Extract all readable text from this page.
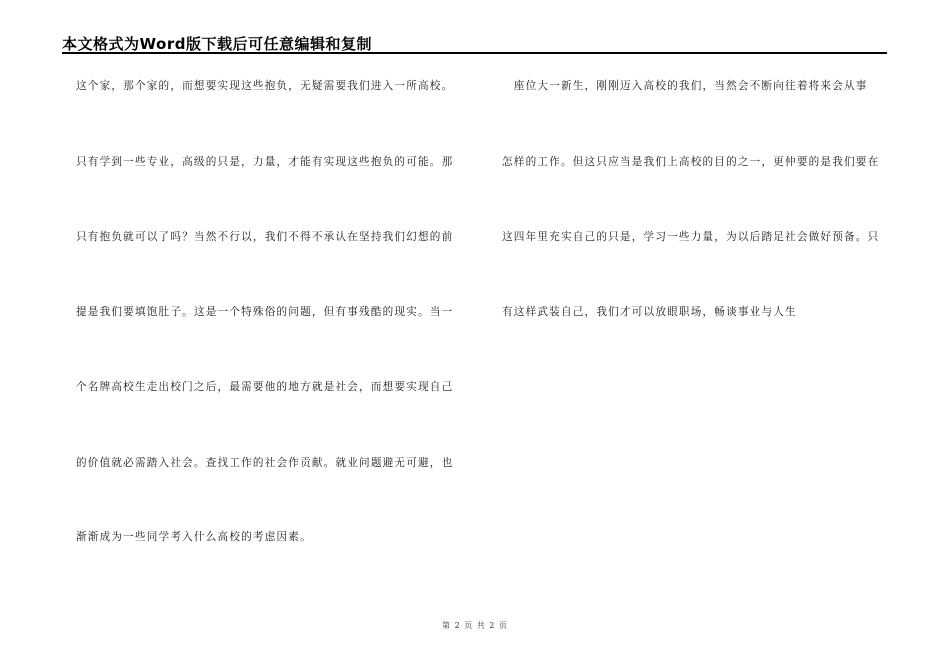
本文格式为Word版下载后可任意编辑和复制
这个家，那个家的，而想要实现这些抱负，无疑需要我们进入一所高校。
只有学到一些专业，高级的只是，力量，才能有实现这些抱负的可能。那
只有抱负就可以了吗？当然不行以，我们不得不承认在坚持我们幻想的前
提是我们要填饱肚子。这是一个特殊俗的问题，但有事残酷的现实。当一
个名牌高校生走出校门之后，最需要他的地方就是社会，而想要实现自己
的价值就必需踏入社会。查找工作的社会作贡献。就业问题避无可避，也
渐渐成为一些同学考入什么高校的考虑因素。
　座位大一新生，刚刚迈入高校的我们，当然会不断向往着将来会从事
怎样的工作。但这只应当是我们上高校的目的之一，更仲要的是我们要在
这四年里充实自己的只是，学习一些力量，为以后踏足社会做好预备。只
有这样武装自己，我们才可以放眼职场，畅谈事业与人生
第 2 页 共 2 页
